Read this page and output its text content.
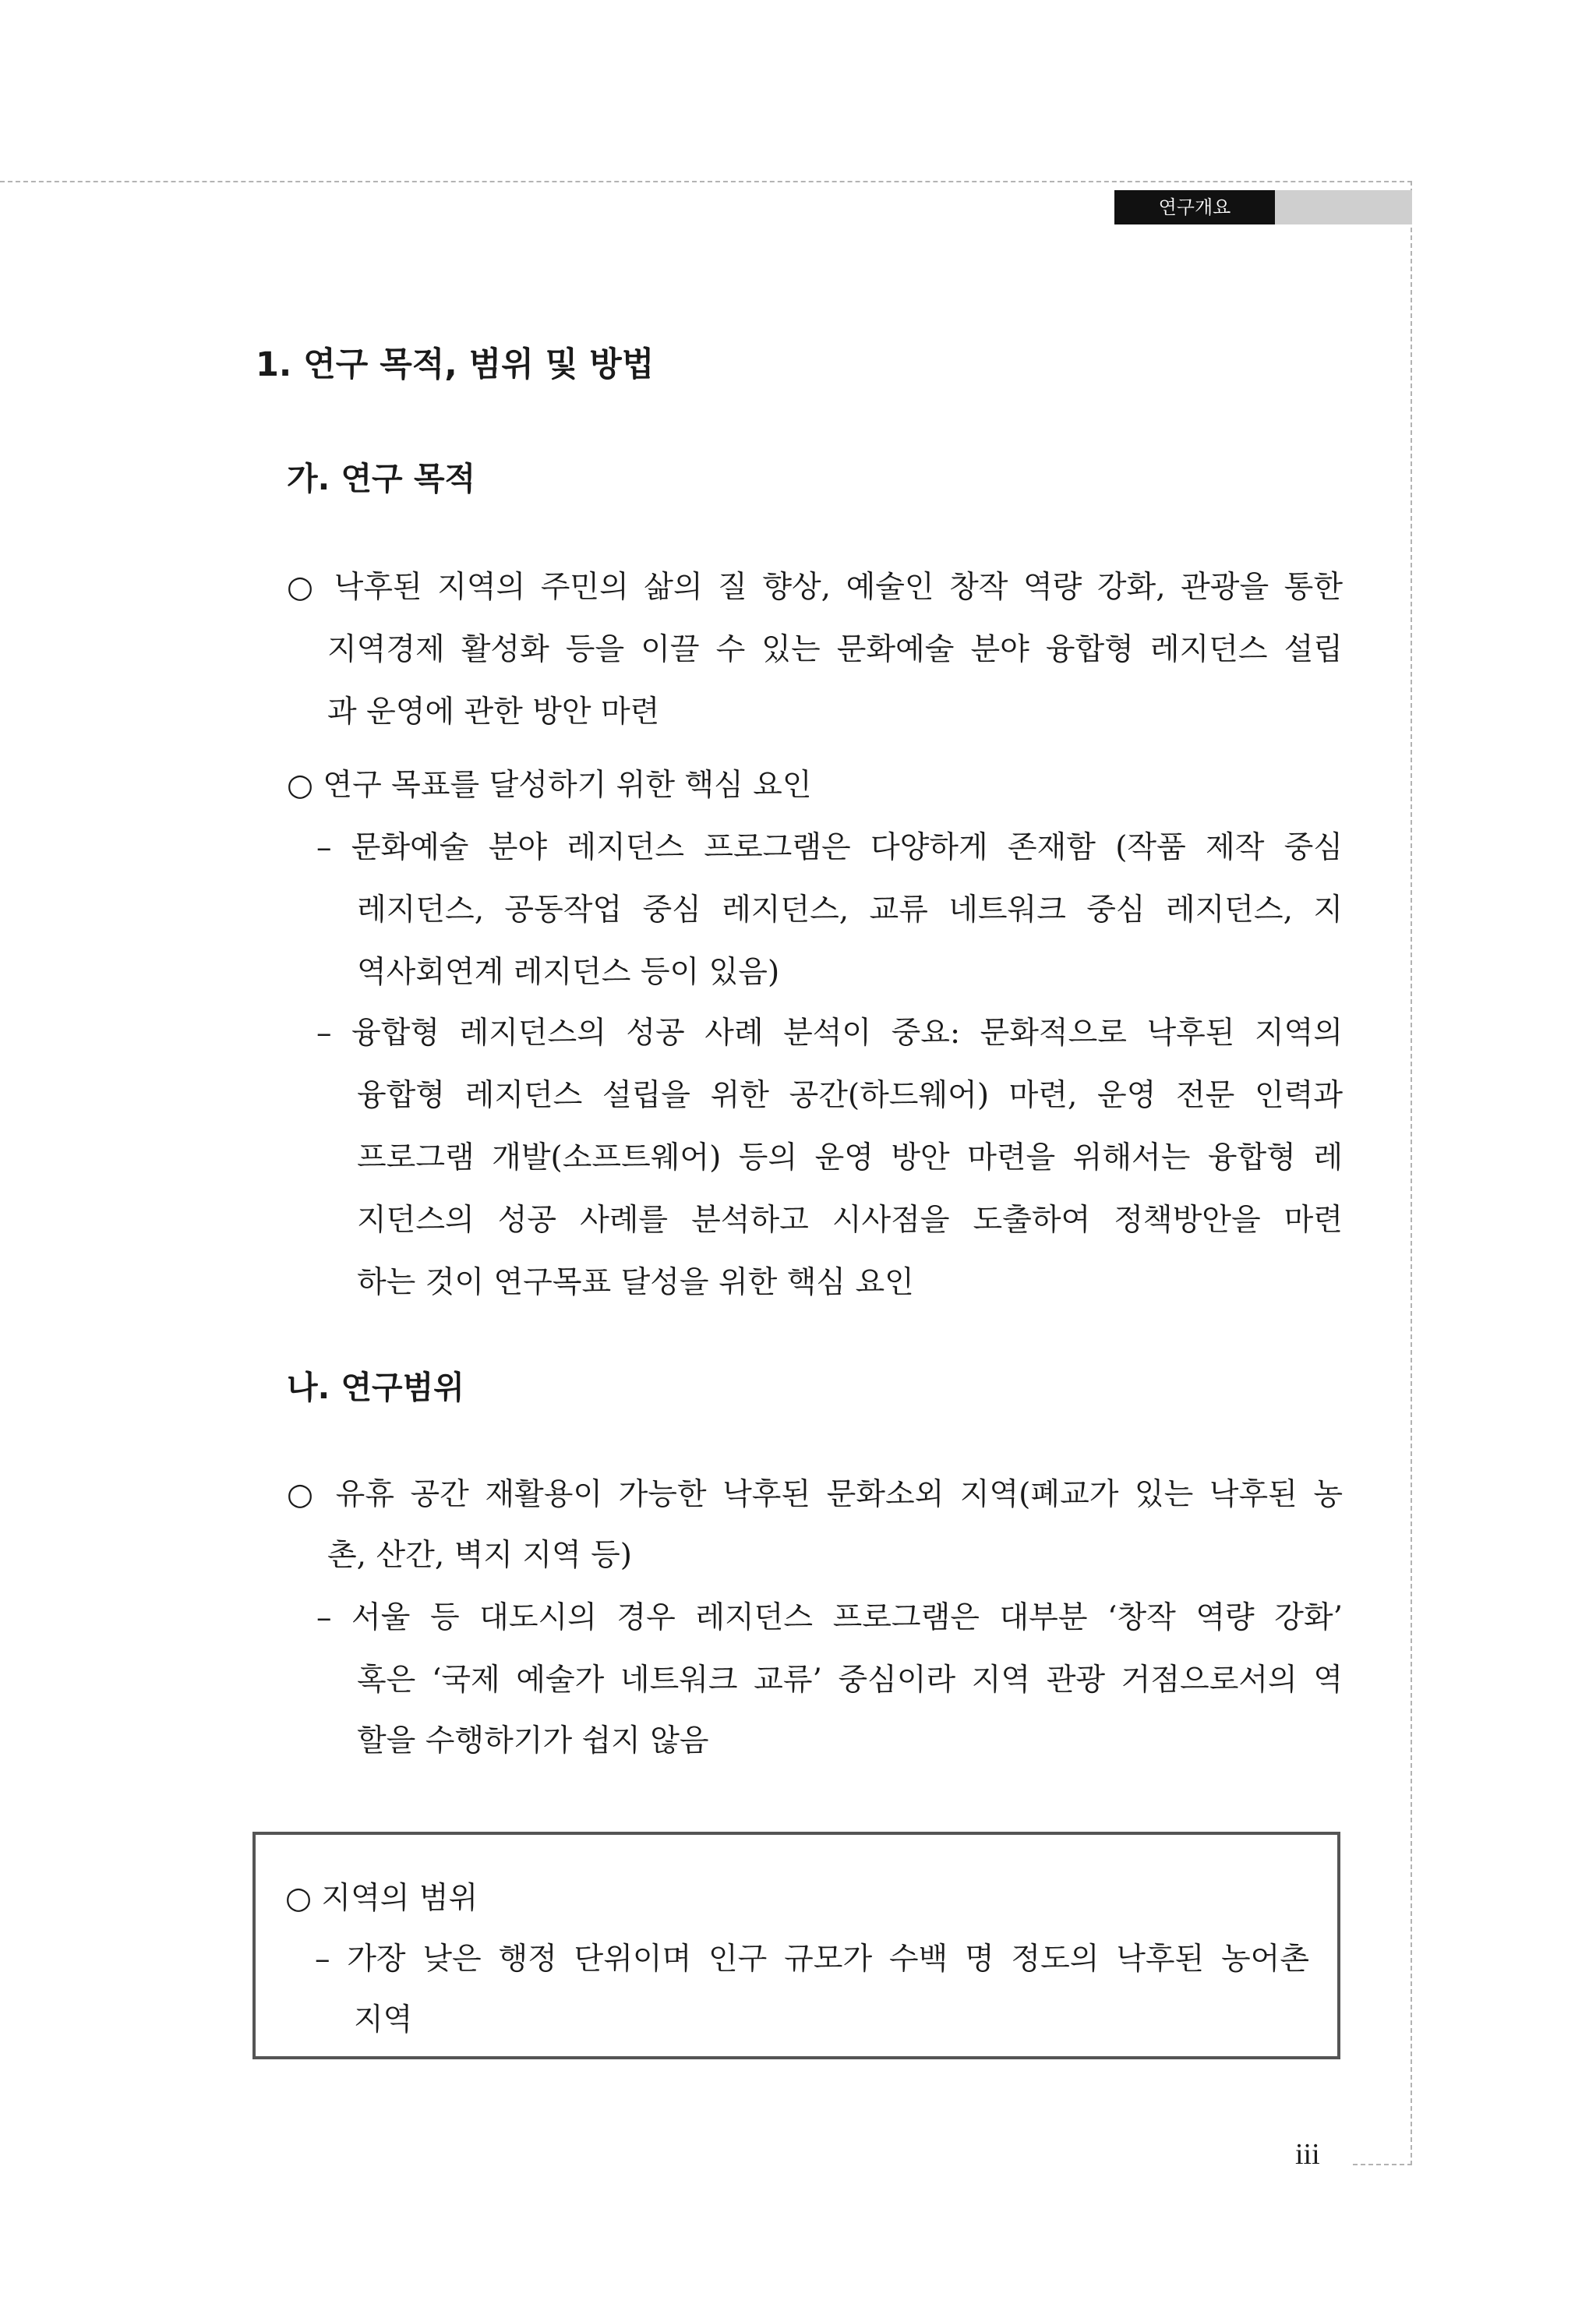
연구개요
1. 연구 목적, 범위 및 방법
가. 연구 목적

○ 낙후된 지역의 주민의 삶의 질 향상, 예술인 창작 역량 강화, 관광을 통한

지역경제 활성화 등을 이끌 수 있는 문화예술 분야 융합형 레지던스 설립

과 운영에 관한 방안 마련

○ 연구 목표를 달성하기 위한 핵심 요인

– 문화예술 분야 레지던스 프로그램은 다양하게 존재함 (작품 제작 중심

레지던스, 공동작업 중심 레지던스, 교류 네트워크 중심 레지던스, 지

역사회연계 레지던스 등이 있음)

– 융합형 레지던스의 성공 사례 분석이 중요: 문화적으로 낙후된 지역의

융합형 레지던스 설립을 위한 공간(하드웨어) 마련, 운영 전문 인력과

프로그램 개발(소프트웨어) 등의 운영 방안 마련을 위해서는 융합형 레

지던스의 성공 사례를 분석하고 시사점을 도출하여 정책방안을 마련

하는 것이 연구목표 달성을 위한 핵심 요인

나. 연구범위

○ 유휴 공간 재활용이 가능한 낙후된 문화소외 지역(폐교가 있는 낙후된 농

촌, 산간, 벽지 지역 등)

– 서울 등 대도시의 경우 레지던스 프로그램은 대부분 ‘창작 역량 강화’

혹은 ‘국제 예술가 네트워크 교류’ 중심이라 지역 관광 거점으로서의 역

할을 수행하기가 쉽지 않음

○ 지역의 범위

– 가장 낮은 행정 단위이며 인구 규모가 수백 명 정도의 낙후된 농어촌

지역

iii
